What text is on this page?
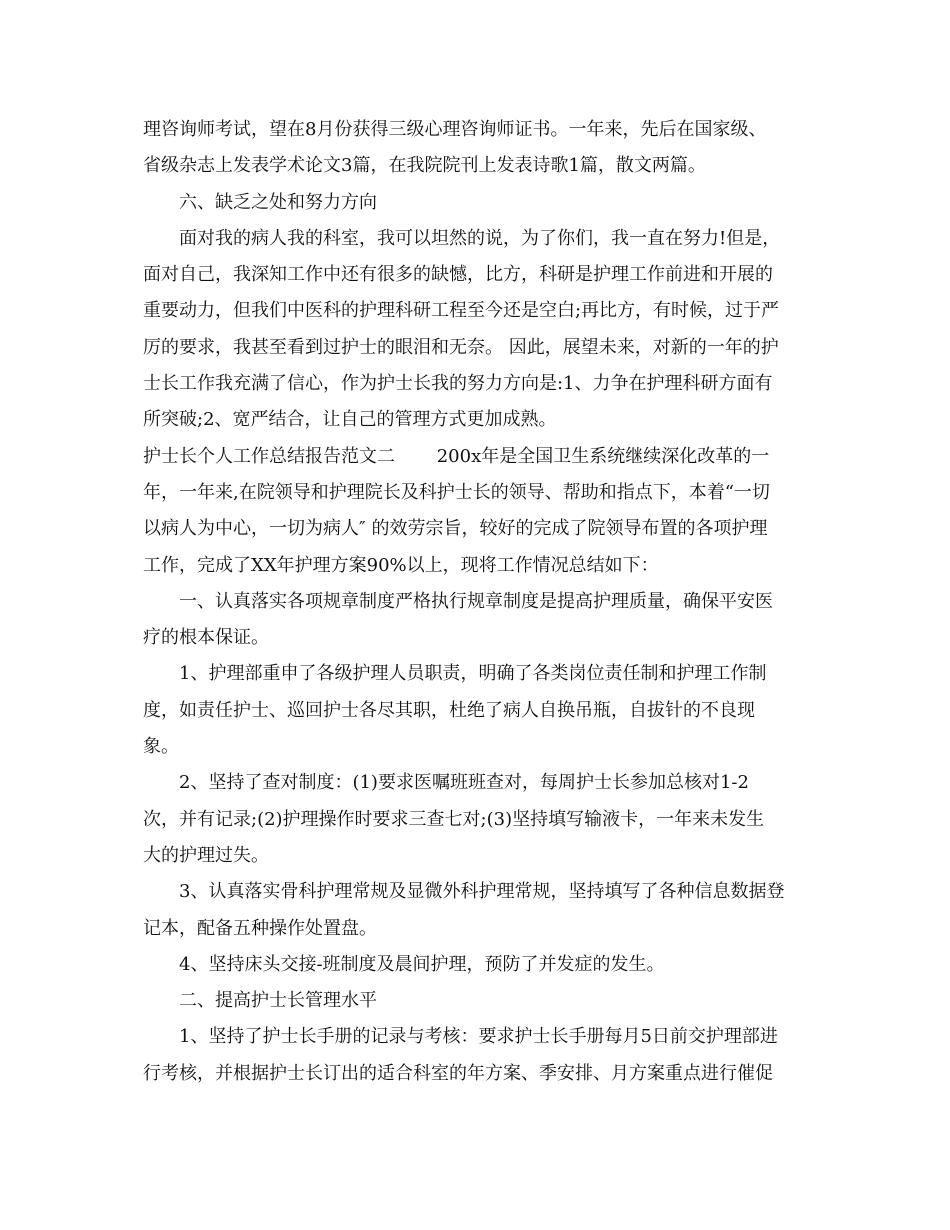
理咨询师考试，望在8月份获得三级心理咨询师证书。一年来，先后在国家级、
省级杂志上发表学术论文3篇，在我院院刊上发表诗歌1篇，散文两篇。
　　六、缺乏之处和努力方向
　　面对我的病人我的科室，我可以坦然的说，为了你们，我一直在努力!但是，
面对自己，我深知工作中还有很多的缺憾，比方，科研是护理工作前进和开展的
重要动力，但我们中医科的护理科研工程至今还是空白;再比方，有时候，过于严
厉的要求，我甚至看到过护士的眼泪和无奈。 因此，展望未来，对新的一年的护
士长工作我充满了信心，作为护士长我的努力方向是:1、力争在护理科研方面有
所突破;2、宽严结合，让自己的管理方式更加成熟。
护士长个人工作总结报告范文二　　 200x年是全国卫生系统继续深化改革的一
年，一年来,在院领导和护理院长及科护士长的领导、帮助和指点下，本着“一切
以病人为中心，一切为病人″ 的效劳宗旨，较好的完成了院领导布置的各项护理
工作，完成了XX年护理方案90%以上，现将工作情况总结如下：
　　一、认真落实各项规章制度严格执行规章制度是提高护理质量，确保平安医
疗的根本保证。
　　1、护理部重申了各级护理人员职责，明确了各类岗位责任制和护理工作制
度，如责任护士、巡回护士各尽其职，杜绝了病人自换吊瓶，自拔针的不良现
象。
　　2、坚持了查对制度：(1)要求医嘱班班查对，每周护士长参加总核对1-2
次，并有记录;(2)护理操作时要求三查七对;(3)坚持填写输液卡，一年来未发生
大的护理过失。
　　3、认真落实骨科护理常规及显微外科护理常规，坚持填写了各种信息数据登
记本，配备五种操作处置盘。
　　4、坚持床头交接-班制度及晨间护理，预防了并发症的发生。
　　二、提高护士长管理水平
　　1、坚持了护士长手册的记录与考核：要求护士长手册每月5日前交护理部进
行考核，并根据护士长订出的适合科室的年方案、季安排、月方案重点进行催促
